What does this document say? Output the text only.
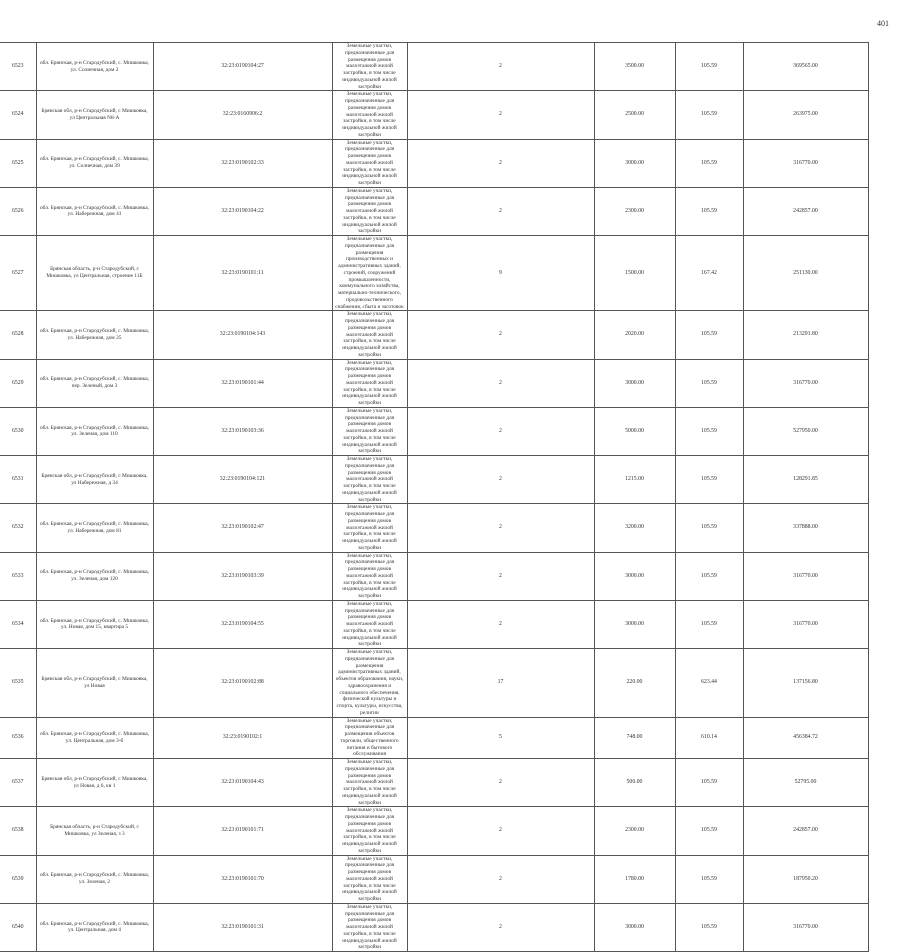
401
6523	обл. Брянская, р-н Стародубский, с. Мишковка, ул. Солнечная, дом 2	32:23:0190104:27	Земельные участки, предназначенные для размещения домов малоэтажной жилой застройки, в том числе индивидуальной жилой застройки	2	3500.00	105.59	369565.00
6524	Брянская обл, р-н Стародубский, с Мишковка, ул Центральная N8-А	32:23:0160906:2	Земельные участки, предназначенные для размещения домов малоэтажной жилой застройки, в том числе индивидуальной жилой застройки	2	2500.00	105.59	263975.00
6525	обл. Брянская, р-н Стародубский, с. Мишковка, ул. Солнечная, дом 39	32:23:0190102:33	Земельные участки, предназначенные для размещения домов малоэтажной жилой застройки, в том числе индивидуальной жилой застройки	2	3000.00	105.59	316770.00
6526	обл. Брянская, р-н Стародубский, с. Мишковка, ул. Набережная, дом 41	32:23:0190104:22	Земельные участки, предназначенные для размещения домов малоэтажной жилой застройки, в том числе индивидуальной жилой застройки	2	2300.00	105.59	242857.00
6527	Брянская область, р-н Стародубский, с Мишковка, ул Центральная, строение 11Б	32:23:0190101:11	Земельные участки, предназначенные для размещения производственных и административных зданий, строений, сооружений промышленности, коммунального хозяйства, материально-технического, продовольственного снабжения, сбыта и заготовок	9	1500.00	167.42	251130.00
6528	обл. Брянская, р-н Стародубский, с. Мишковка, ул. Набережная, дом 25	32:23:0190104:143	Земельные участки, предназначенные для размещения домов малоэтажной жилой застройки, в том числе индивидуальной жилой застройки	2	2020.00	105.59	213291.80
6529	обл. Брянская, р-н Стародубский, с. Мишковка, пер. Зеленый, дом 3	32:23:0190101:44	Земельные участки, предназначенные для размещения домов малоэтажной жилой застройки, в том числе индивидуальной жилой застройки	2	3000.00	105.59	316770.00
6530	обл. Брянская, р-н Стародубский, с. Мишковка, ул. Зеленая, дом 110	32:23:0190103:36	Земельные участки, предназначенные для размещения домов малоэтажной жилой застройки, в том числе индивидуальной жилой застройки	2	5000.00	105.59	527950.00
6531	Брянская обл, р-н Стародубский, с Мишковка, ул Набережная, д 34	32:23:0190104:121	Земельные участки, предназначенные для размещения домов малоэтажной жилой застройки, в том числе индивидуальной жилой застройки	2	1215.00	105.59	128291.85
6532	обл. Брянская, р-н Стародубский, с. Мишковка, ул. Набережная, дом 81	32:23:0190102:47	Земельные участки, предназначенные для размещения домов малоэтажной жилой застройки, в том числе индивидуальной жилой застройки	2	3200.00	105.59	337888.00
6533	обл. Брянская, р-н Стародубский, с. Мишковка, ул. Зеленая, дом 120	32:23:0190103:39	Земельные участки, предназначенные для размещения домов малоэтажной жилой застройки, в том числе индивидуальной жилой застройки	2	3000.00	105.59	316770.00
6534	обл. Брянская, р-н Стародубский, с. Мишковка, ул. Новая, дом 15, квартира 5	32:23:0190104:55	Земельные участки, предназначенные для размещения домов малоэтажной жилой застройки, в том числе индивидуальной жилой застройки	2	3000.00	105.59	316770.00
6535	Брянская обл, р-н Стародубский, с Мишковка, ул Новая	32:23:0190102:88	Земельные участки, предназначенные для размещения административных зданий, объектов образования, науки, здравоохранения и социального обеспечения, физической культуры и спорта, культуры, искусства, религии	17	220.00	623.44	137156.80
6536	обл. Брянская, р-н Стародубский, с. Мишковка, ул. Центральная, дом 3-б	32:23:0190102:1	Земельные участки, предназначенные для размещения объектов торговли, общественного питания и бытового обслуживания	5	748.00	610.14	456384.72
6537	Брянская обл, р-н Стародубский, с Мишковка, ул Новая, д 6, кв 1	32:23:0190104:43	Земельные участки, предназначенные для размещения домов малоэтажной жилой застройки, в том числе индивидуальной жилой застройки	2	500.00	105.59	52795.00
6538	Брянская область, р-н Стародубский, с Мишковка, ул Зеленая, з 3	32:23:0190101:71	Земельные участки, предназначенные для размещения домов малоэтажной жилой застройки, в том числе индивидуальной жилой застройки	2	2300.00	105.59	242857.00
6539	обл. Брянская, р-н Стародубский, с. Мишковка, ул. Зеленая, 2	32:23:0190101:70	Земельные участки, предназначенные для размещения домов малоэтажной жилой застройки, в том числе индивидуальной жилой застройки	2	1780.00	105.59	187950.20
6540	обл. Брянская, р-н Стародубский, с. Мишковка, ул. Центральная, дом 4	32:23:0190101:31	Земельные участки, предназначенные для размещения домов малоэтажной жилой застройки, в том числе индивидуальной жилой застройки	2	3000.00	105.59	316770.00
